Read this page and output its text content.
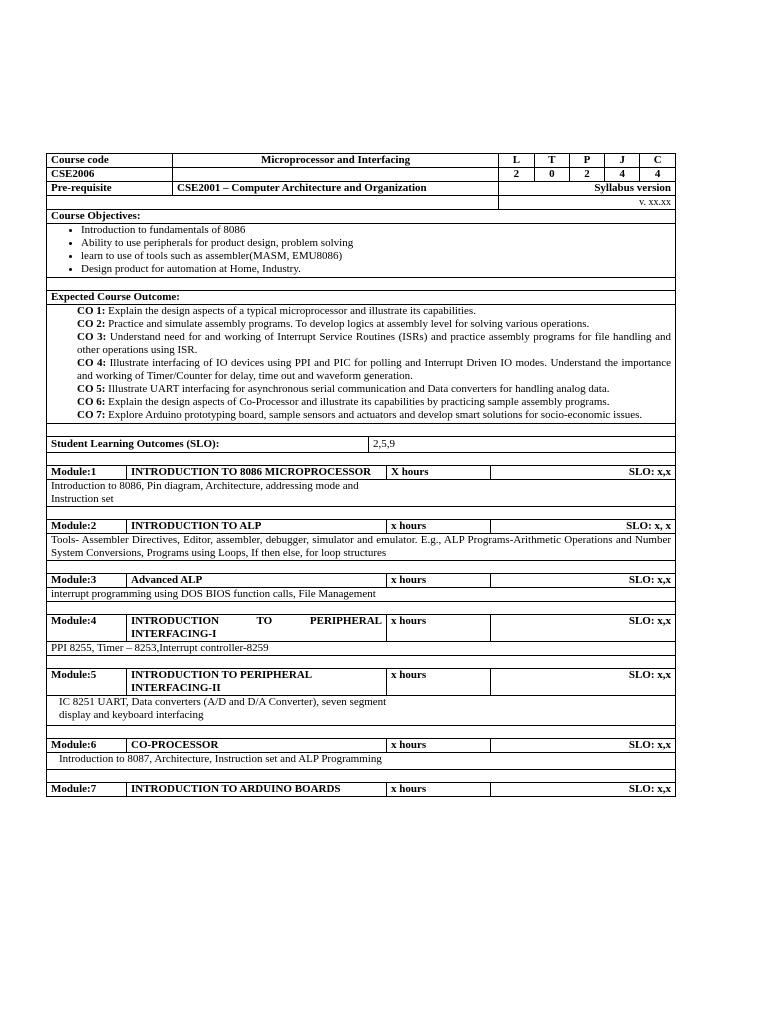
Course code	Microprocessor and Interfacing		L	T	P	J	C

CSE2006			2	0	2	4	4

Pre-requisite	CSE2001 – Computer Architecture and Organization	Syllabus version
	v. xx.xx
Course Objectives:

• Introduction to fundamentals of 8086
• Ability to use peripherals for product design, problem solving
• learn to use of tools such as assembler(MASM, EMU8086)
• Design product for automation at Home, Industry.

Expected Course Outcome:

CO 1: Explain the design aspects of a typical microprocessor and illustrate its capabilities.

CO 2: Practice and simulate assembly programs. To develop logics at assembly level for solving various operations.

CO 3: Understand need for and working of Interrupt Service Routines (ISRs) and practice assembly programs for file handling and other operations using ISR.

CO 4: Illustrate interfacing of IO devices using PPI and PIC for polling and Interrupt Driven IO modes. Understand the importance and working of Timer/Counter for delay, time out and waveform generation.

CO 5: Illustrate UART interfacing for asynchronous serial communication and Data converters for handling analog data.

CO 6: Explain the design aspects of Co-Processor and illustrate its capabilities by practicing sample assembly programs.

CO 7: Explore Arduino prototyping board, sample sensors and actuators and develop smart solutions for socio-economic issues.

Student Learning Outcomes (SLO):	2,5,9

Module:1	INTRODUCTION TO 8086 MICROPROCESSOR	X hours	SLO: x,x
Introduction to 8086, Pin diagram, Architecture, addressing mode and Instruction set

Module:2	INTRODUCTION TO ALP	x hours	SLO: x, x
Tools- Assembler Directives, Editor, assembler, debugger, simulator and emulator. E.g., ALP Programs-Arithmetic Operations and Number System Conversions, Programs using Loops, If then else, for loop structures

Module:3	Advanced ALP	x hours	SLO: x,x
interrupt programming using DOS BIOS function calls, File Management

Module:4	INTRODUCTION TO PERIPHERAL INTERFACING-I	x hours	SLO: x,x
PPI 8255, Timer – 8253,Interrupt controller-8259

Module:5	INTRODUCTION TO PERIPHERAL INTERFACING-II	x hours	SLO: x,x
IC 8251 UART, Data converters (A/D and D/A Converter), seven segment display and keyboard interfacing

Module:6	CO-PROCESSOR	x hours	SLO: x,x
Introduction to 8087, Architecture, Instruction set and ALP Programming

Module:7	INTRODUCTION TO ARDUINO BOARDS	x hours	SLO: x,x
